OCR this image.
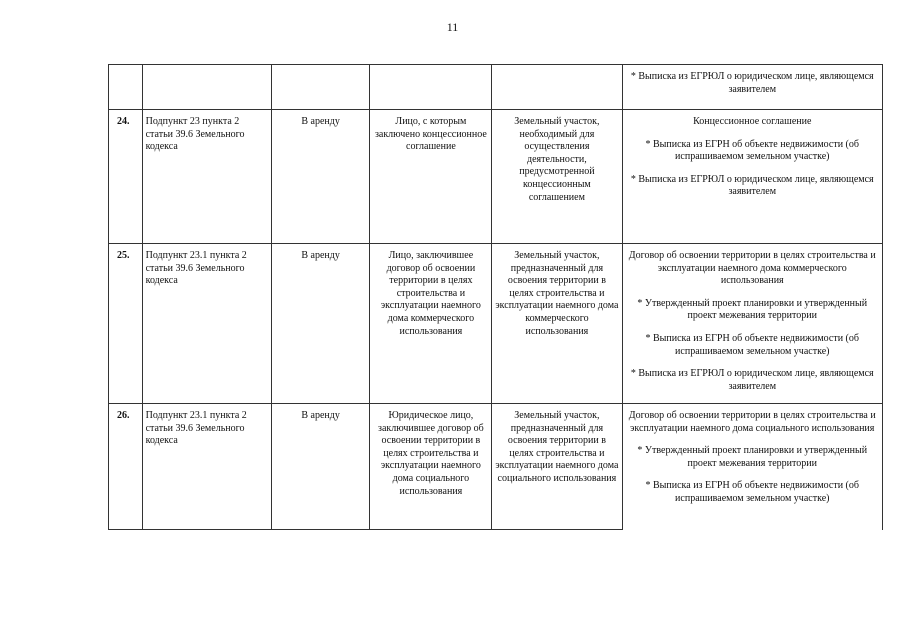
11

					* Выписка из ЕГРЮЛ о юридическом лице, являющемся заявителем

24.	Подпункт 23 пункта 2 статьи 39.6 Земельного кодекса	В аренду	Лицо, с которым заключено концессионное соглашение	Земельный участок, необходимый для осуществления деятельности, предусмотренной концессионным соглашением	Концессионное соглашение
* Выписка из ЕГРН об объекте недвижимости (об испрашиваемом земельном участке)
* Выписка из ЕГРЮЛ о юридическом лице, являющемся заявителем

25.	Подпункт 23.1 пункта 2 статьи 39.6 Земельного кодекса	В аренду	Лицо, заключившее договор об освоении территории в целях строительства и эксплуатации наемного дома коммерческого использования	Земельный участок, предназначенный для освоения территории в целях строительства и эксплуатации наемного дома коммерческого использования	Договор об освоении территории в целях строительства и эксплуатации наемного дома коммерческого использования
* Утвержденный проект планировки и утвержденный проект межевания территории
* Выписка из ЕГРН об объекте недвижимости (об испрашиваемом земельном участке)
* Выписка из ЕГРЮЛ о юридическом лице, являющемся заявителем

26.	Подпункт 23.1 пункта 2 статьи 39.6 Земельного кодекса	В аренду	Юридическое лицо, заключившее договор об освоении территории в целях строительства и эксплуатации наемного дома социального использования	Земельный участок, предназначенный для освоения территории в целях строительства и эксплуатации наемного дома социального использования	Договор об освоении территории в целях строительства и эксплуатации наемного дома социального использования
* Утвержденный проект планировки и утвержденный проект межевания территории
* Выписка из ЕГРН об объекте недвижимости (об испрашиваемом земельном участке)
